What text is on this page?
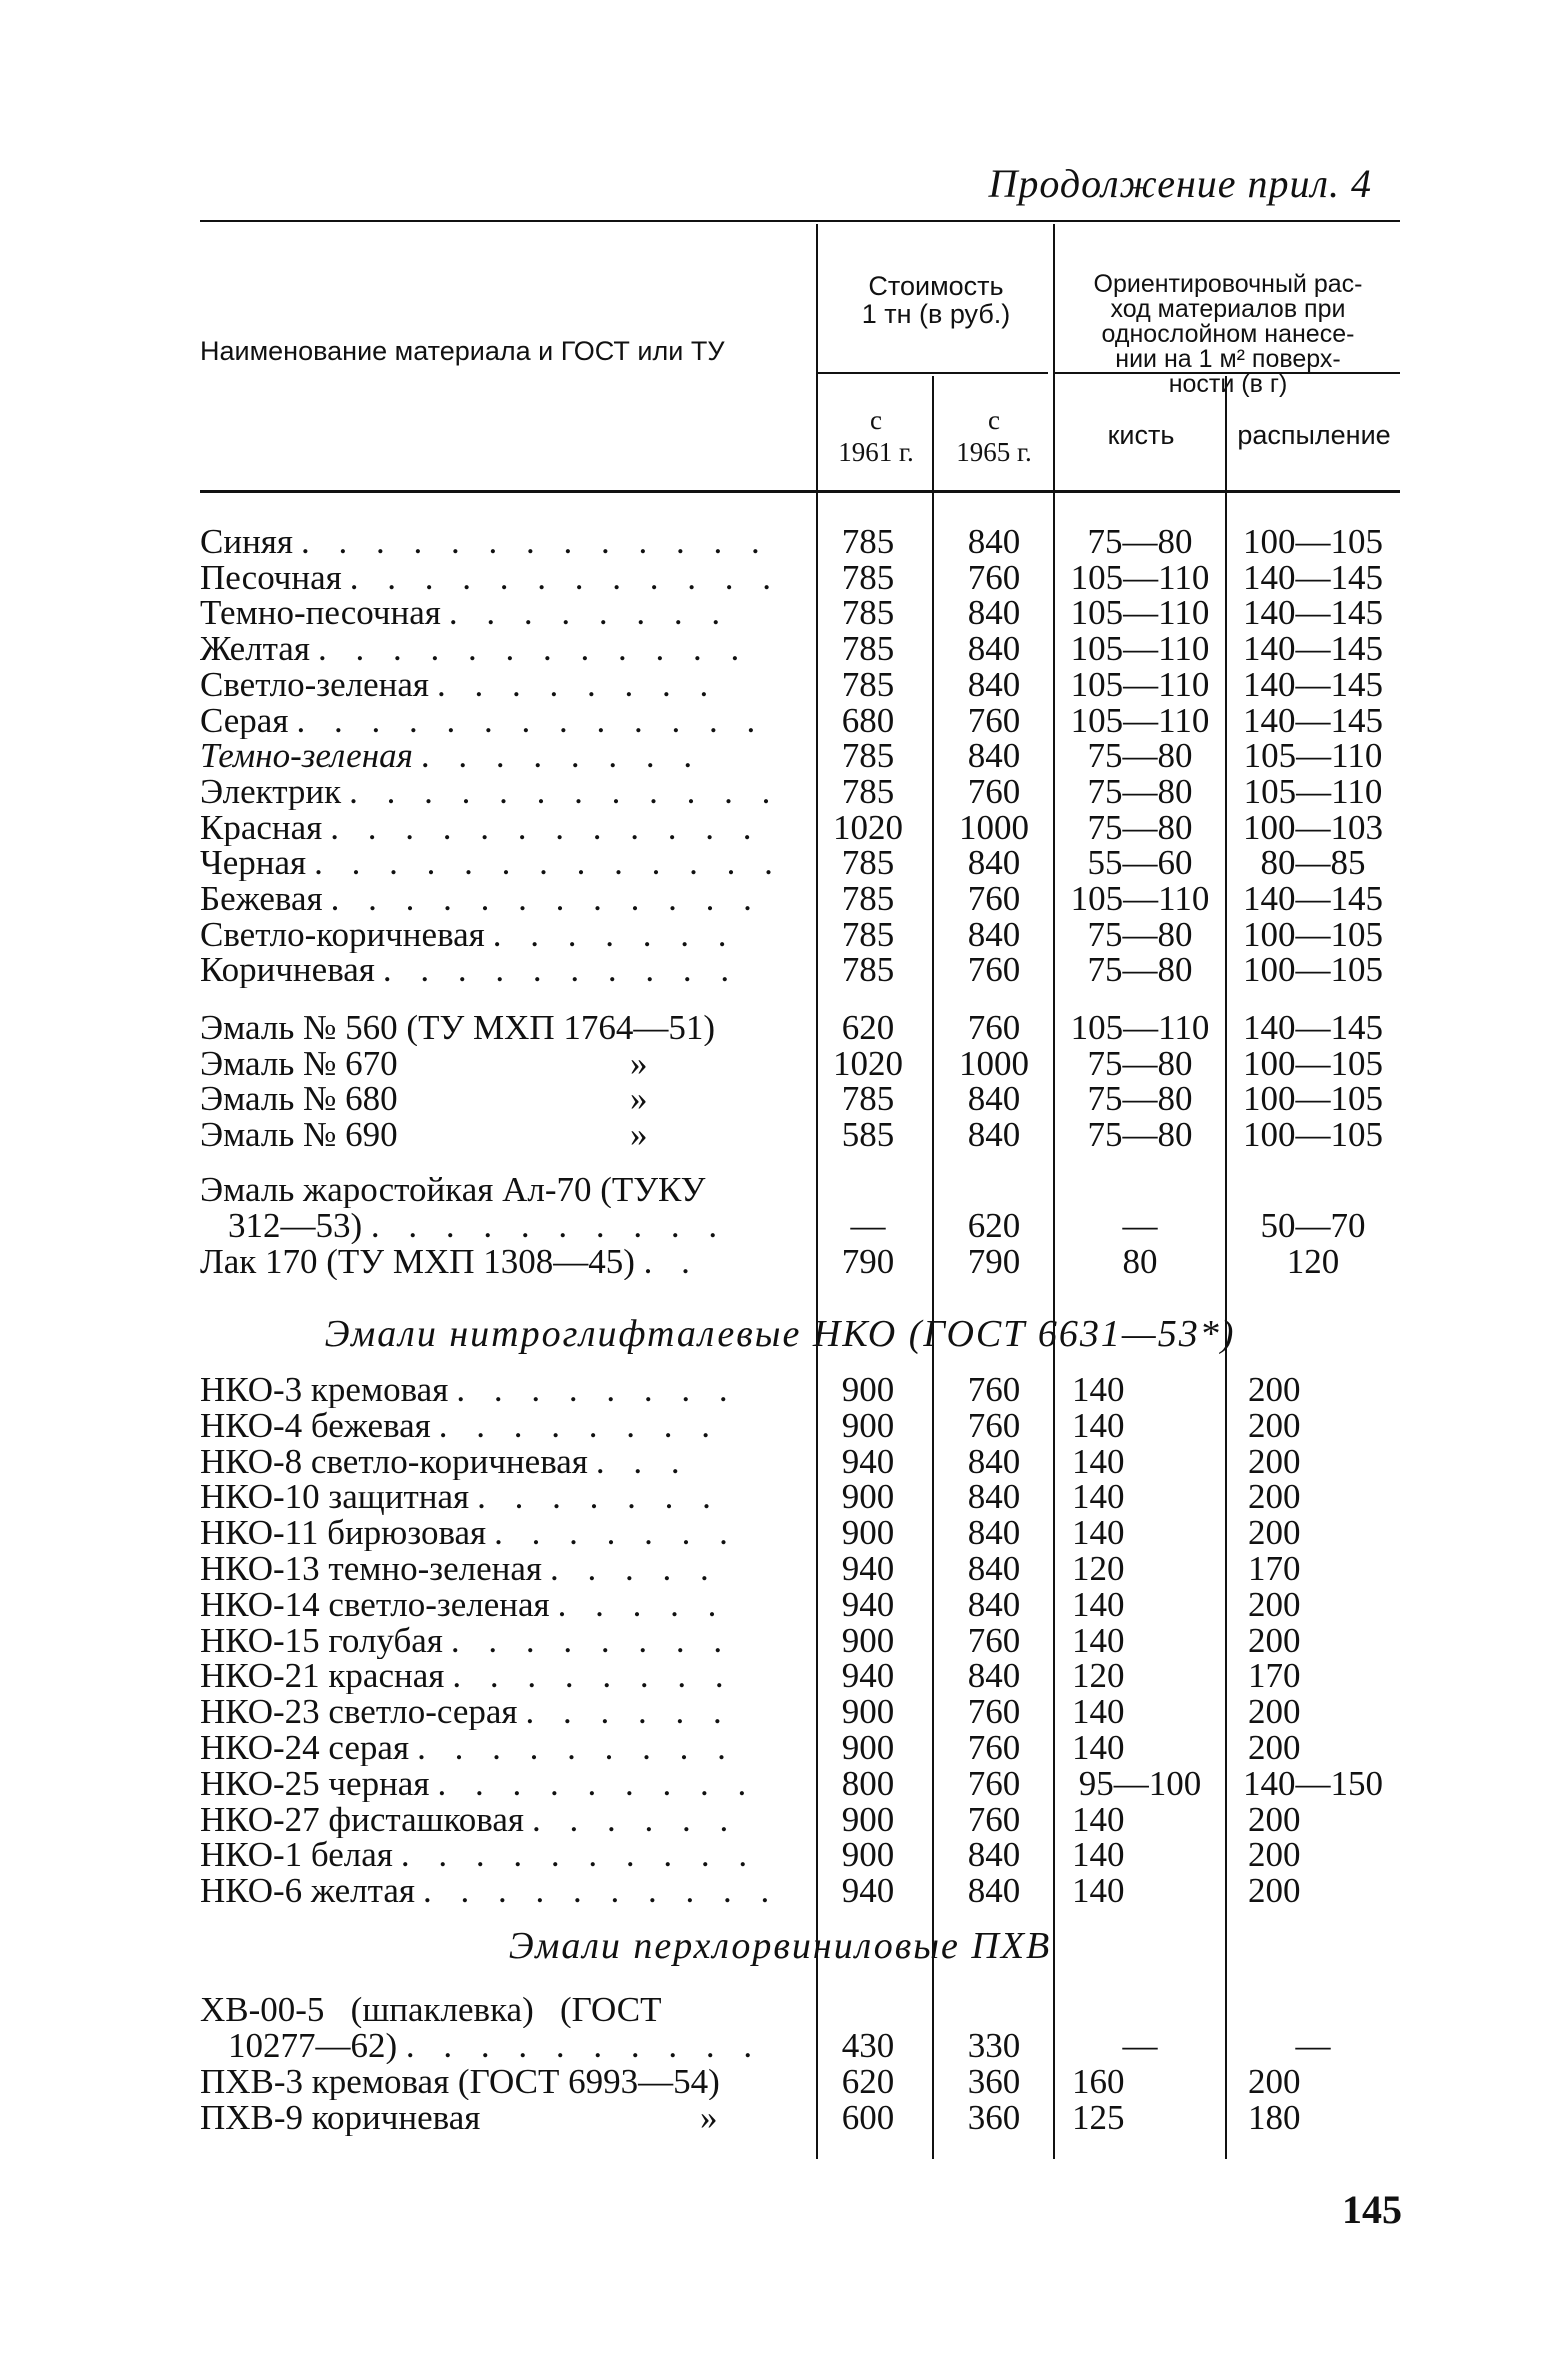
Продолжение прил. 4
Наименование материала и ГОСТ или ТУ
Стоимость
1 тн (в руб.)
Ориентировочный рас-
ход материалов при
однослойном нанесе-
нии на 1 м² поверх-
ности (в г)
с
1961 г.
с
1965 г.
кисть	распыление
Синяя . . . . . . . . . . . . .	785	840	75—80	100—105
Песочная . . . . . . . . . . . .	785	760	105—110 140—145
Темно-песочная . . . . . . . .	785	840	105—110 140—145
Желтая . . . . . . . . . . . .	785	840	105—110 140—145
Светло-зеленая . . . . . . . .	785	840	105—110 140—145
Серая . . . . . . . . . . . . .	680	760	105—110 140—145
Темно-зеленая . . . . . . . .	785	840	75—80	105—110
Электрик . . . . . . . . . . . .	785	760	75—80	105—110
Красная . . . . . . . . . . . .	1020	1000	75—80	100—103
Черная . . . . . . . . . . . . .	785	840	55—60	80—85
Бежевая . . . . . . . . . . . .	785	760	105—110 140—145
Светло-коричневая . . . . . . .	785	840	75—80	100—105
Коричневая . . . . . . . . . .	785	760	75—80	100—105
Эмаль № 560 (ТУ МХП 1764—51)	620	760	105—110 140—145
Эмаль № 670	»	1020	1000	75—80	100—105
Эмаль № 680	»	785	840	75—80	100—105
Эмаль № 690	»	585	840	75—80	100—105
Эмаль жаростойкая Ал-70 (ТУКУ
312—53) . . . . . . . . . .	—	620	—	50—70
Лак 170 (ТУ МХП 1308—45) . .	790	790	80	120
Эмали нитроглифталевые НКО (ГОСТ 6631—53*)
НКО-3 кремовая . . . . . . . .	900	760	140	200
НКО-4 бежевая . . . . . . . .	900	760	140	200
НКО-8 светло-коричневая . . .	940	840	140	200
НКО-10 защитная . . . . . . .	900	840	140	200
НКО-11 бирюзовая . . . . . . .	900	840	140	200
НКО-13 темно-зеленая . . . . .	940	840	120	170
НКО-14 светло-зеленая . . . . .	940	840	140	200
НКО-15 голубая . . . . . . . .	900	760	140	200
НКО-21 красная . . . . . . . .	940	840	120	170
НКО-23 светло-серая . . . . . .	900	760	140	200
НКО-24 серая . . . . . . . . .	900	760	140	200
НКО-25 черная . . . . . . . . .	800	760	95—100	140—150
НКО-27 фисташковая . . . . . .	900	760	140	200
НКО-1 белая . . . . . . . . . .	900	840	140	200
НКО-6 желтая . . . . . . . . . .	940	840	140	200
Эмали перхлорвиниловые ПХВ
ХВ-00-5   (шпаклевка)   (ГОСТ
10277—62) . . . . . . . . . .	430	330	—	—
ПХВ-3 кремовая (ГОСТ 6993—54)	620	360	160	200
ПХВ-9 коричневая	»	600	360	125	180
145
